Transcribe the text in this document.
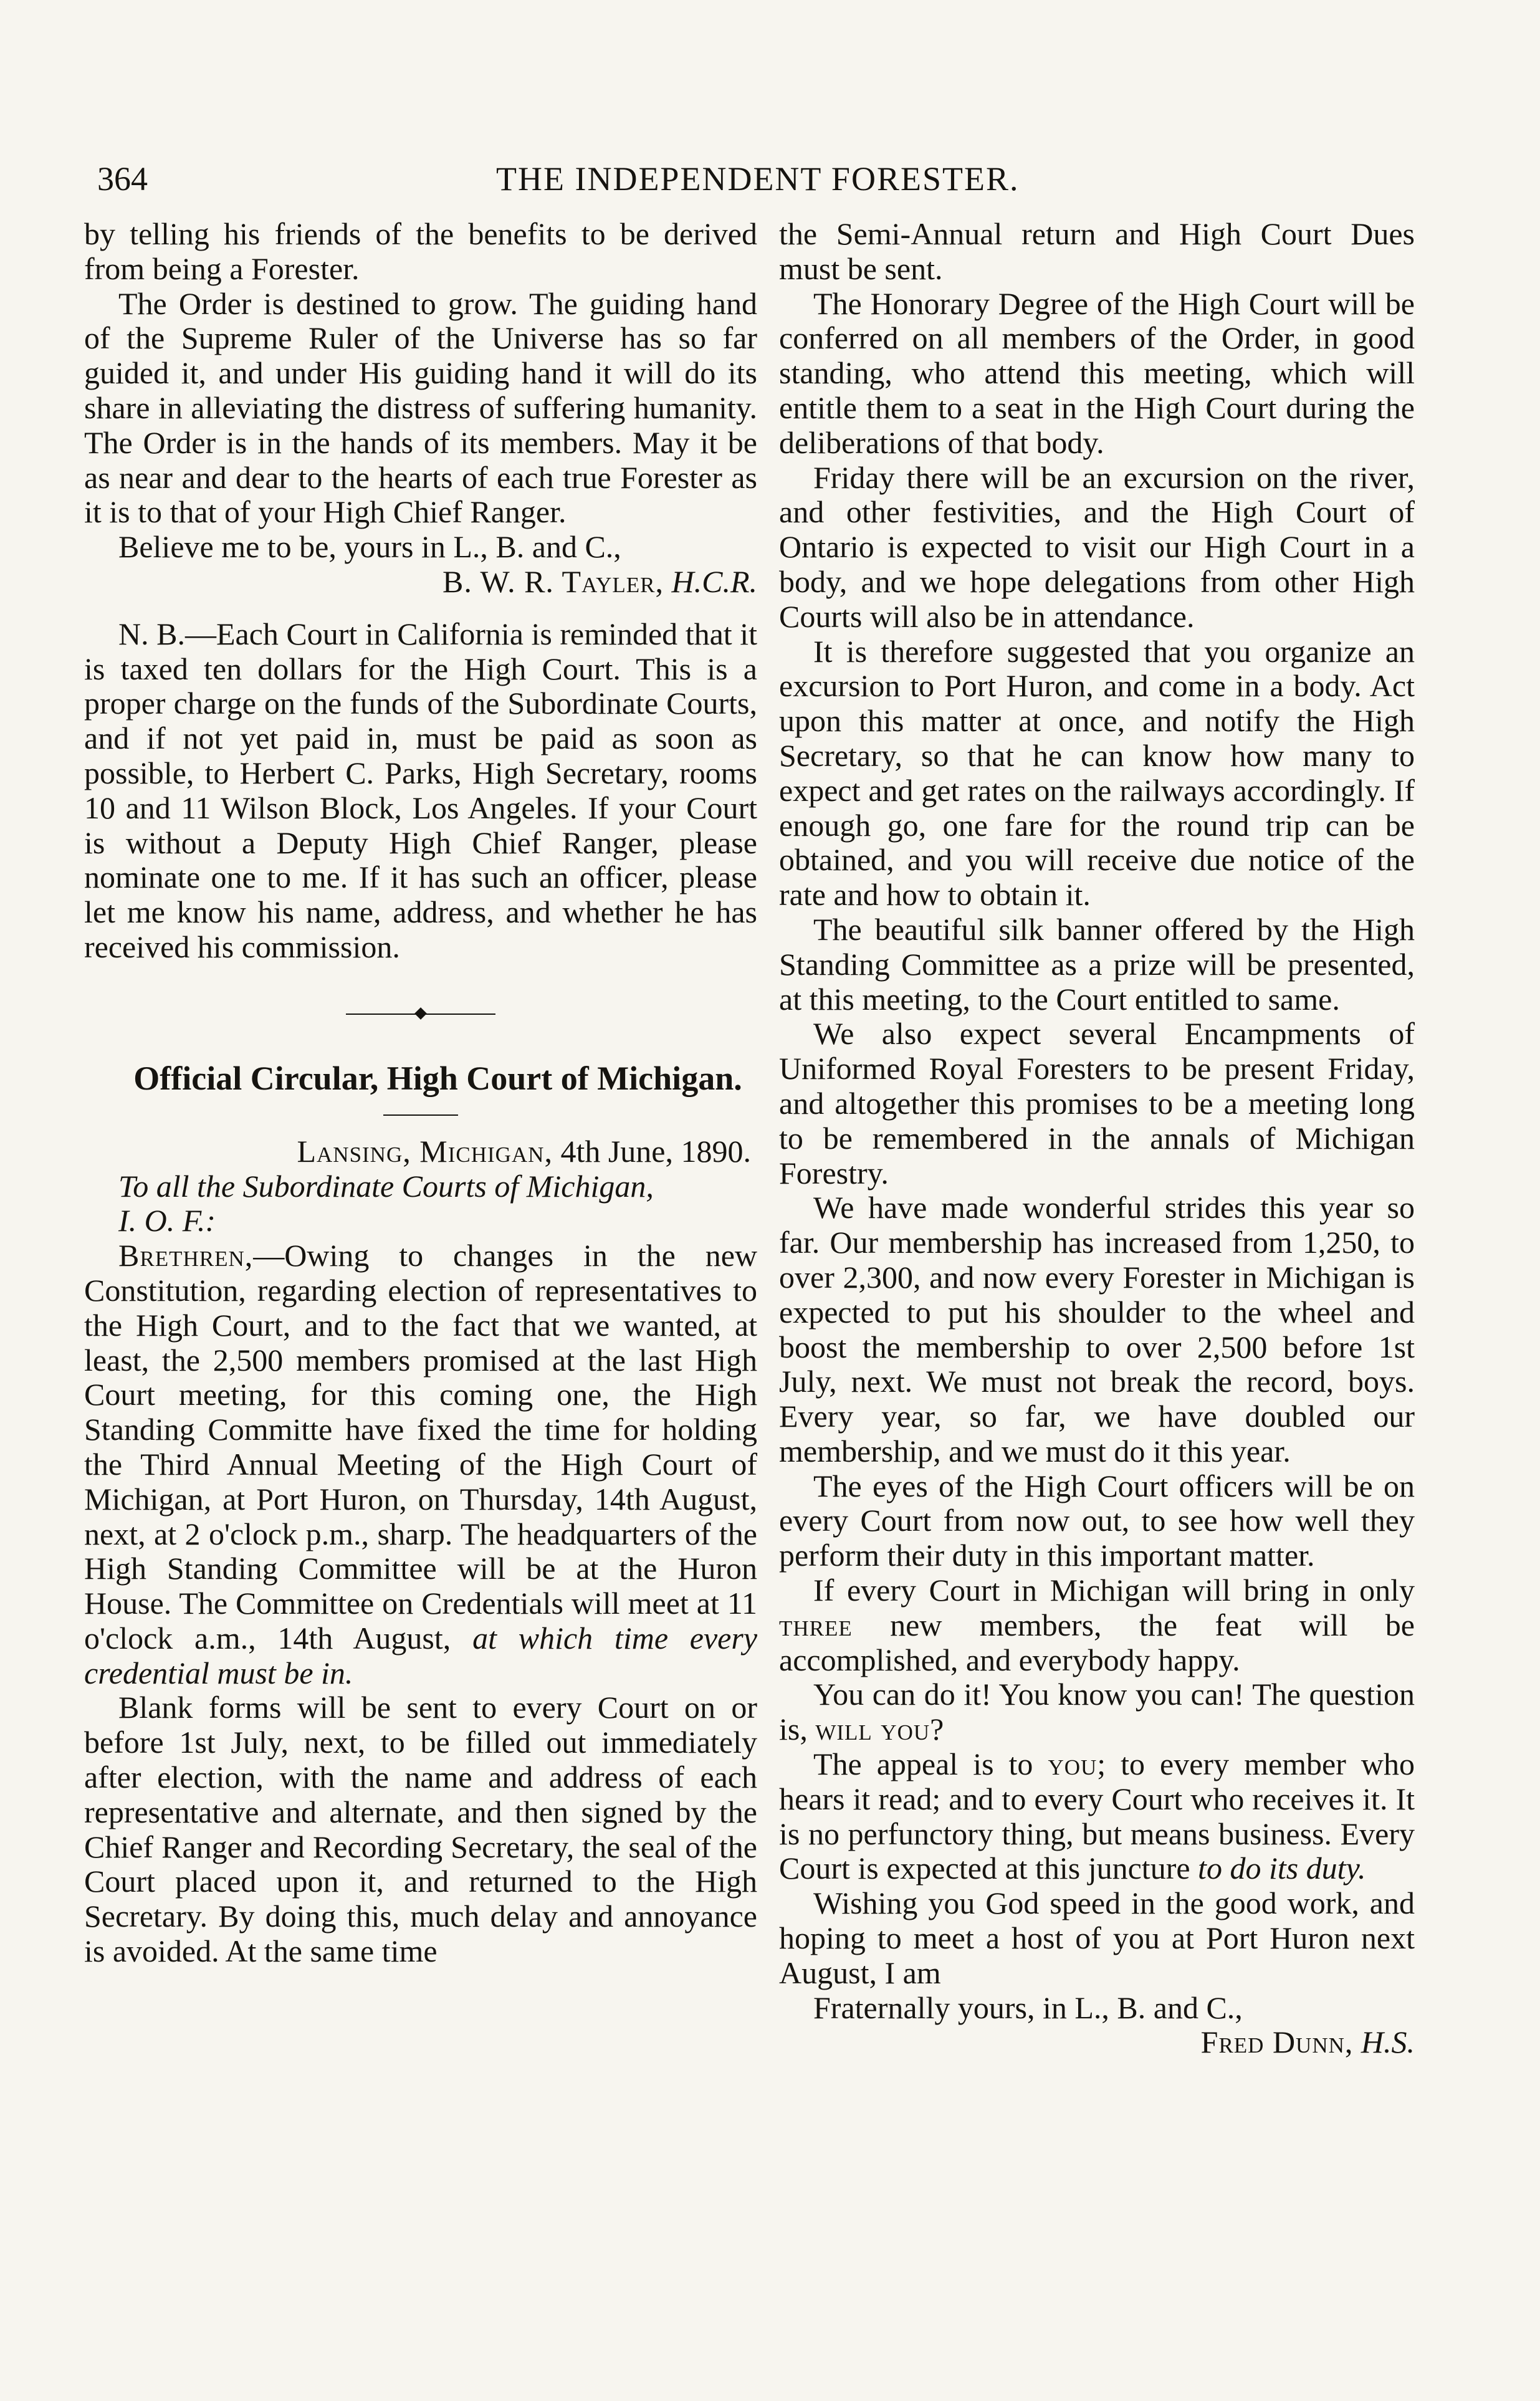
364	THE INDEPENDENT FORESTER.

by telling his friends of the benefits to be derived from being a Forester.

The Order is destined to grow. The guiding hand of the Supreme Ruler of the Universe has so far guided it, and under His guiding hand it will do its share in alleviating the distress of suffering humanity. The Order is in the hands of its members. May it be as near and dear to the hearts of each true Forester as it is to that of your High Chief Ranger.

Believe me to be, yours in L., B. and C.,

B. W. R. Tayler, H.C.R.

N. B.—Each Court in California is reminded that it is taxed ten dollars for the High Court. This is a proper charge on the funds of the Subordinate Courts, and if not yet paid in, must be paid as soon as possible, to Herbert C. Parks, High Secretary, rooms 10 and 11 Wilson Block, Los Angeles. If your Court is without a Deputy High Chief Ranger, please nominate one to me. If it has such an officer, please let me know his name, address, and whether he has received his commission.

Official Circular, High Court of Michigan.

Lansing, Michigan, 4th June, 1890.

To all the Subordinate Courts of Michigan,

I. O. F.:

Brethren,—Owing to changes in the new Constitution, regarding election of representatives to the High Court, and to the fact that we wanted, at least, the 2,500 members promised at the last High Court meeting, for this coming one, the High Standing Committe have fixed the time for holding the Third Annual Meeting of the High Court of Michigan, at Port Huron, on Thursday, 14th August, next, at 2 o'clock p.m., sharp. The headquarters of the High Standing Committee will be at the Huron House. The Committee on Credentials will meet at 11 o'clock a.m., 14th August, at which time every credential must be in.

Blank forms will be sent to every Court on or before 1st July, next, to be filled out immediately after election, with the name and address of each representative and alternate, and then signed by the Chief Ranger and Recording Secretary, the seal of the Court placed upon it, and returned to the High Secretary. By doing this, much delay and annoyance is avoided. At the same time

the Semi-Annual return and High Court Dues must be sent.

The Honorary Degree of the High Court will be conferred on all members of the Order, in good standing, who attend this meeting, which will entitle them to a seat in the High Court during the deliberations of that body.

Friday there will be an excursion on the river, and other festivities, and the High Court of Ontario is expected to visit our High Court in a body, and we hope delegations from other High Courts will also be in attendance.

It is therefore suggested that you organize an excursion to Port Huron, and come in a body. Act upon this matter at once, and notify the High Secretary, so that he can know how many to expect and get rates on the railways accordingly. If enough go, one fare for the round trip can be obtained, and you will receive due notice of the rate and how to obtain it.

The beautiful silk banner offered by the High Standing Committee as a prize will be presented, at this meeting, to the Court entitled to same.

We also expect several Encampments of Uniformed Royal Foresters to be present Friday, and altogether this promises to be a meeting long to be remembered in the annals of Michigan Forestry.

We have made wonderful strides this year so far. Our membership has increased from 1,250, to over 2,300, and now every Forester in Michigan is expected to put his shoulder to the wheel and boost the membership to over 2,500 before 1st July, next. We must not break the record, boys. Every year, so far, we have doubled our membership, and we must do it this year.

The eyes of the High Court officers will be on every Court from now out, to see how well they perform their duty in this important matter.

If every Court in Michigan will bring in only three new members, the feat will be accomplished, and everybody happy.

You can do it! You know you can! The question is, will you?

The appeal is to you; to every member who hears it read; and to every Court who receives it. It is no perfunctory thing, but means business. Every Court is expected at this juncture to do its duty.

Wishing you God speed in the good work, and hoping to meet a host of you at Port Huron next August, I am

Fraternally yours, in L., B. and C.,

Fred Dunn, H.S.
